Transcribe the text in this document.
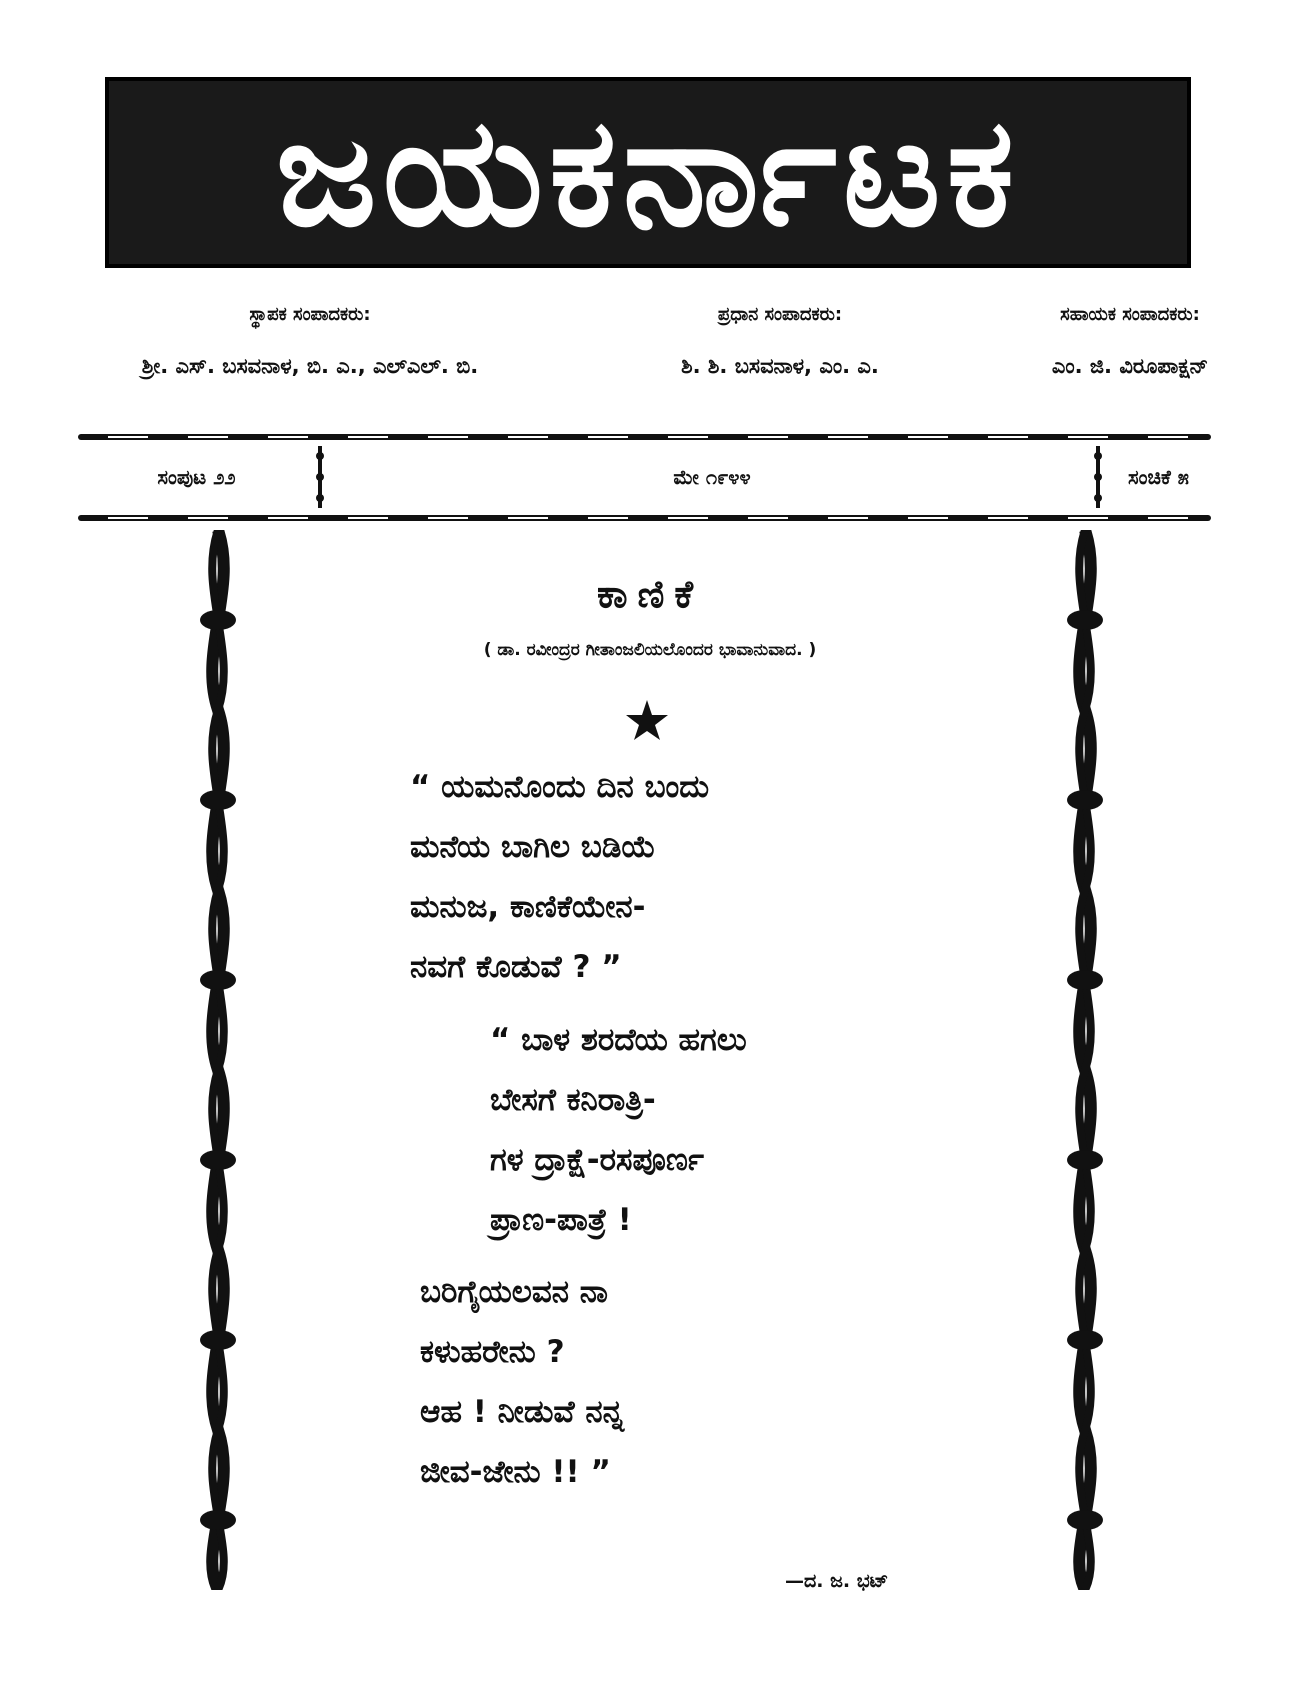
ಜಯಕರ್ನಾಟಕ
ಸ್ಥಾಪಕ ಸಂಪಾದಕರು:
ಶ್ರೀ. ಎಸ್. ಬಸವನಾಳ, ಬಿ. ಎ., ಎಲ್‌ಎಲ್. ಬಿ.
ಪ್ರಧಾನ ಸಂಪಾದಕರು:
ಶಿ. ಶಿ. ಬಸವನಾಳ, ಎಂ. ಎ.
ಸಹಾಯಕ ಸಂಪಾದಕರು:
ಎಂ. ಜಿ. ವಿರೂಪಾಕ್ಷನ್
ಸಂಪುಟ ೨೨	ಮೇ ೧೯೪೪	ಸಂಚಿಕೆ ೫
ಕಾಣಿಕೆ
( ಡಾ. ರವೀಂದ್ರರ ಗೀತಾಂಜಲಿಯಲೊಂದರ ಭಾವಾನುವಾದ. )
“ ಯಮನೊಂದು ದಿನ ಬಂದು
ಮನೆಯ ಬಾಗಿಲ ಬಡಿಯೆ
ಮನುಜ, ಕಾಣಿಕೆಯೇನ-
ನವಗೆ ಕೊಡುವೆ ? ”
“ ಬಾಳ ಶರದೆಯ ಹಗಲು
ಬೇಸಗೆ ಕನಿರಾತ್ರಿ-
ಗಳ ದ್ರಾಕ್ಷೆ-ರಸಪೂರ್ಣ
ಪ್ರಾಣ-ಪಾತ್ರೆ !
ಬರಿಗೈಯಲವನ ನಾ
ಕಳುಹರೇನು ?
ಆಹ ! ನೀಡುವೆ ನನ್ನ
ಜೀವ-ಜೇನು !! ”
—ದ. ಜ. ಭಟ್
